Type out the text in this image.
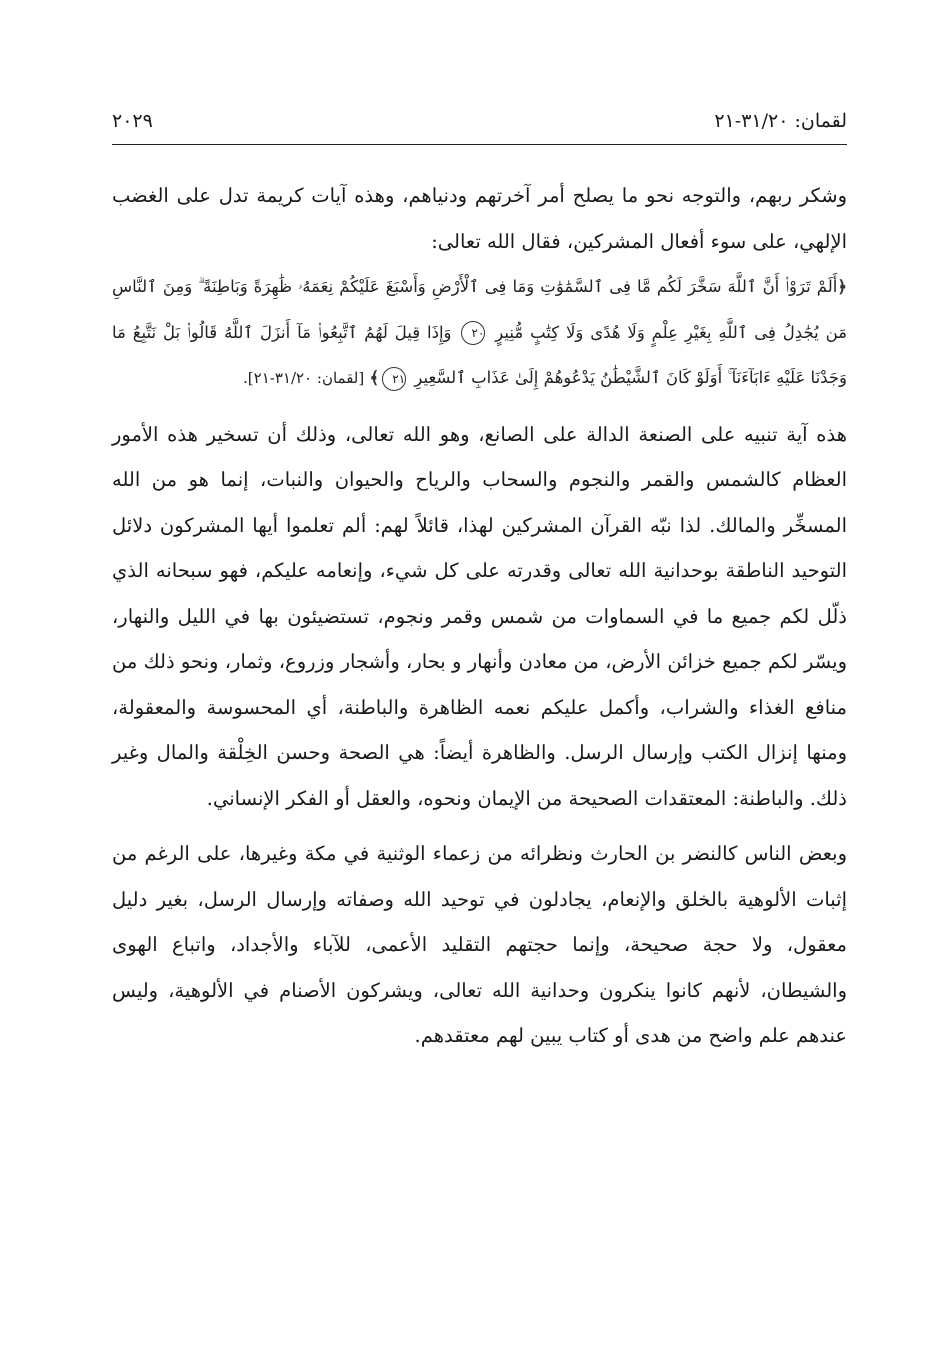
لقمان: ٣١/٢٠-٢١
٢٠٢٩

وشكر ربهم، والتوجه نحو ما يصلح أمر آخرتهم ودنياهم، وهذه آيات كريمة تدل على الغضب الإلهي، على سوء أفعال المشركين، فقال الله تعالى:

﴿أَلَمْ تَرَوْا۟ أَنَّ ٱللَّهَ سَخَّرَ لَكُم مَّا فِى ٱلسَّمَٰوَٰتِ وَمَا فِى ٱلْأَرْضِ وَأَسْبَغَ عَلَيْكُمْ نِعَمَهُۥ ظَٰهِرَةً وَبَاطِنَةً ۗ وَمِنَ ٱلنَّاسِ مَن يُجَٰدِلُ فِى ٱللَّهِ بِغَيْرِ عِلْمٍ وَلَا هُدًى وَلَا كِتَٰبٍ مُّنِيرٍ ٢٠ وَإِذَا قِيلَ لَهُمُ ٱتَّبِعُوا۟ مَآ أَنزَلَ ٱللَّهُ قَالُوا۟ بَلْ نَتَّبِعُ مَا وَجَدْنَا عَلَيْهِ ءَابَآءَنَآ ۚ أَوَلَوْ كَانَ ٱلشَّيْطَٰنُ يَدْعُوهُمْ إِلَىٰ عَذَابِ ٱلسَّعِيرِ ٢١﴾ [لقمان: ٣١/٢٠-٢١].

هذه آية تنبيه على الصنعة الدالة على الصانع، وهو الله تعالى، وذلك أن تسخير هذه الأمور العظام كالشمس والقمر والنجوم والسحاب والرياح والحيوان والنبات، إنما هو من الله المسخِّر والمالك. لذا نبّه القرآن المشركين لهذا، قائلاً لهم: ألم تعلموا أيها المشركون دلائل التوحيد الناطقة بوحدانية الله تعالى وقدرته على كل شيء، وإنعامه عليكم، فهو سبحانه الذي ذلّل لكم جميع ما في السماوات من شمس وقمر ونجوم، تستضيئون بها في الليل والنهار، ويسّر لكم جميع خزائن الأرض، من معادن وأنهار و بحار، وأشجار وزروع، وثمار، ونحو ذلك من منافع الغذاء والشراب، وأكمل عليكم نعمه الظاهرة والباطنة، أي المحسوسة والمعقولة، ومنها إنزال الكتب وإرسال الرسل. والظاهرة أيضاً: هي الصحة وحسن الخِلْقة والمال وغير ذلك. والباطنة: المعتقدات الصحيحة من الإيمان ونحوه، والعقل أو الفكر الإنساني.

وبعض الناس كالنضر بن الحارث ونظرائه من زعماء الوثنية في مكة وغيرها، على الرغم من إثبات الألوهية بالخلق والإنعام، يجادلون في توحيد الله وصفاته وإرسال الرسل، بغير دليل معقول، ولا حجة صحيحة، وإنما حجتهم التقليد الأعمى، للآباء والأجداد، واتباع الهوى والشيطان، لأنهم كانوا ينكرون وحدانية الله تعالى، ويشركون الأصنام في الألوهية، وليس عندهم علم واضح من هدى أو كتاب يبين لهم معتقدهم.
